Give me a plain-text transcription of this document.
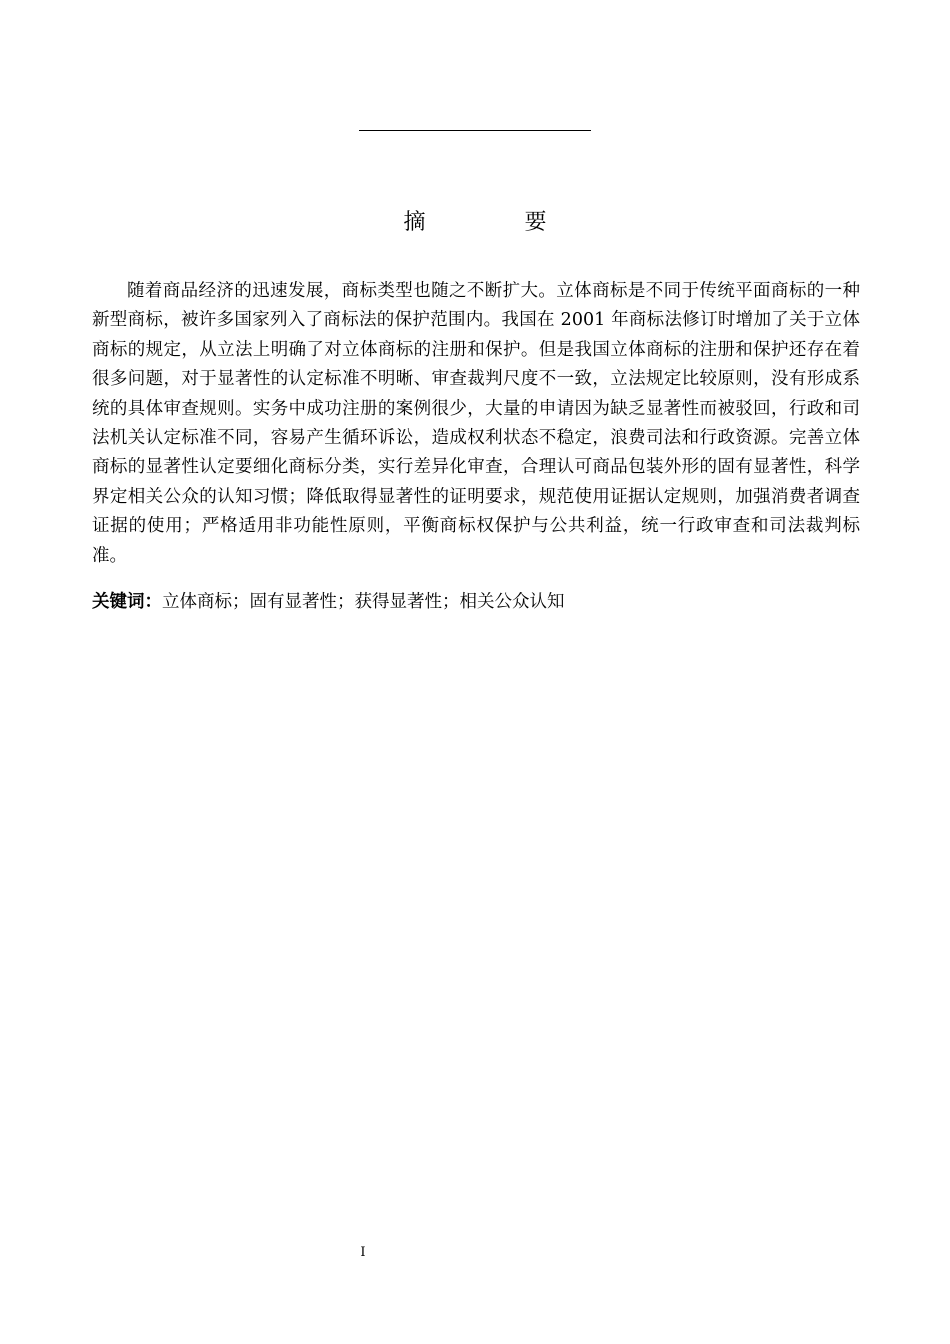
摘 要

随着商品经济的迅速发展，商标类型也随之不断扩大。立体商标是不同于传统平面商标的一种新型商标，被许多国家列入了商标法的保护范围内。我国在 2001 年商标法修订时增加了关于立体商标的规定，从立法上明确了对立体商标的注册和保护。但是我国立体商标的注册和保护还存在着很多问题，对于显著性的认定标准不明晰、审查裁判尺度不一致，立法规定比较原则，没有形成系统的具体审查规则。实务中成功注册的案例很少，大量的申请因为缺乏显著性而被驳回，行政和司法机关认定标准不同，容易产生循环诉讼，造成权利状态不稳定，浪费司法和行政资源。完善立体商标的显著性认定要细化商标分类，实行差异化审查，合理认可商品包装外形的固有显著性，科学界定相关公众的认知习惯；降低取得显著性的证明要求，规范使用证据认定规则，加强消费者调查证据的使用；严格适用非功能性原则，平衡商标权保护与公共利益，统一行政审查和司法裁判标准。

关键词：立体商标；固有显著性；获得显著性；相关公众认知
I
